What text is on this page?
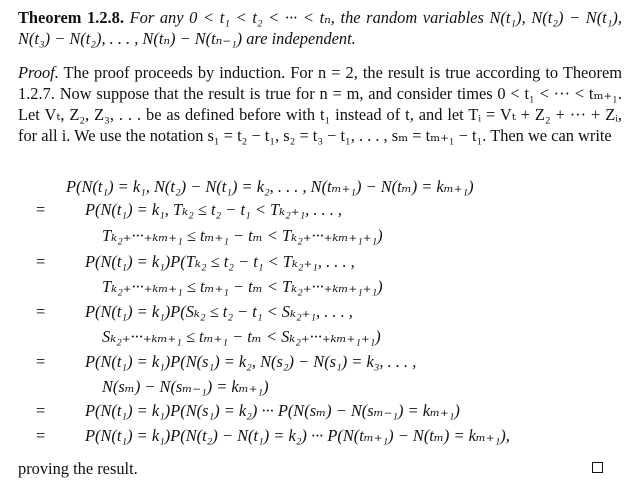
Theorem 1.2.8. For any 0 < t₁ < t₂ < ··· < tₙ, the random variables N(t₁), N(t₂) − N(t₁), N(t₃) − N(t₂), . . . , N(tₙ) − N(tₙ₋₁) are independent.
Proof. The proof proceeds by induction. For n = 2, the result is true according to Theorem 1.2.7. Now suppose that the result is true for n = m, and consider times 0 < t₁ < ··· < tₘ₊₁. Let Vₜ, Z₂, Z₃, . . . be as defined before with t₁ instead of t, and let Tᵢ = Vₜ + Z₂ + ··· + Zᵢ, for all i. We use the notation s₁ = t₂ − t₁, s₂ = t₃ − t₁, . . . , sₘ = tₘ₊₁ − t₁. Then we can write
P(N(t₁) = k₁, N(t₂) − N(t₁) = k₂, . . . , N(tₘ₊₁) − N(tₘ) = kₘ₊₁)
= P(N(t₁) = k₁, Tₖ₂ ≤ t₂ − t₁ < Tₖ₂₊₁, . . . ,
Tₖ₂₊···₊ₖₘ₊₁ ≤ tₘ₊₁ − tₘ < Tₖ₂₊···₊ₖₘ₊₁₊₁)
= P(N(t₁) = k₁)P(Tₖ₂ ≤ t₂ − t₁ < Tₖ₂₊₁, . . . ,
Tₖ₂₊···₊ₖₘ₊₁ ≤ tₘ₊₁ − tₘ < Tₖ₂₊···₊ₖₘ₊₁₊₁)
= P(N(t₁) = k₁)P(Sₖ₂ ≤ t₂ − t₁ < Sₖ₂₊₁, . . . ,
Sₖ₂₊···₊ₖₘ₊₁ ≤ tₘ₊₁ − tₘ < Sₖ₂₊···₊ₖₘ₊₁₊₁)
= P(N(t₁) = k₁)P(N(s₁) = k₂, N(s₂) − N(s₁) = k₃, . . . ,
N(sₘ) − N(sₘ₋₁) = kₘ₊₁)
= P(N(t₁) = k₁)P(N(s₁) = k₂) ··· P(N(sₘ) − N(sₘ₋₁) = kₘ₊₁)
= P(N(t₁) = k₁)P(N(t₂) − N(t₁) = k₂) ··· P(N(tₘ₊₁) − N(tₘ) = kₘ₊₁),
proving the result.
